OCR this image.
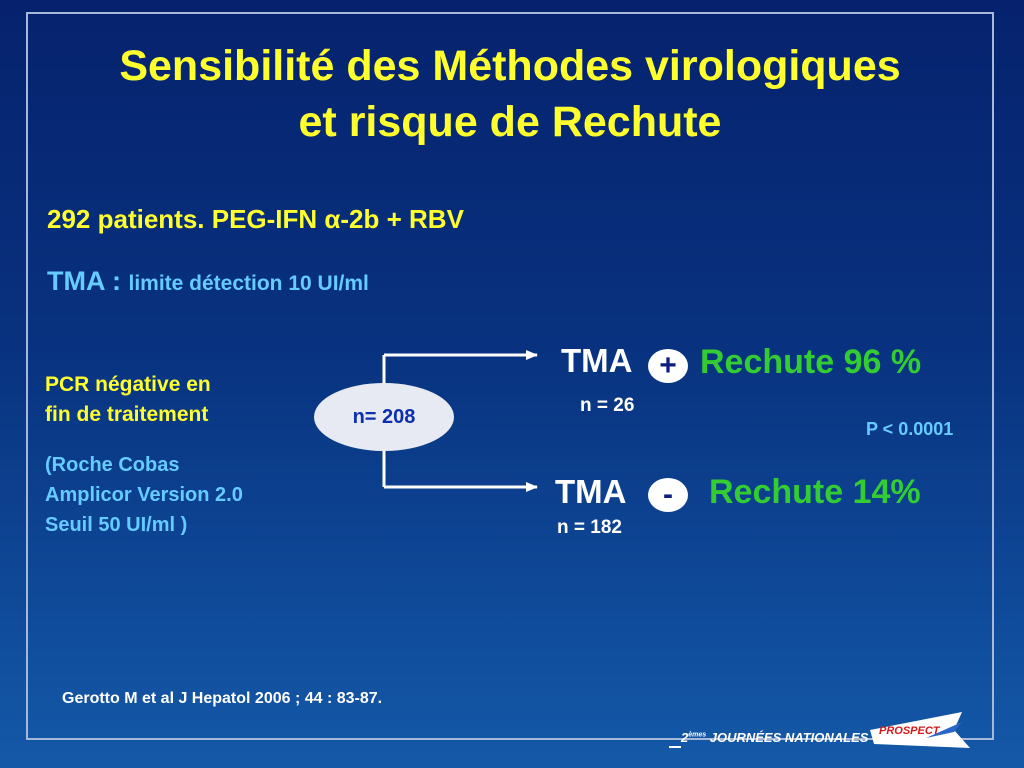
Sensibilité des Méthodes virologiques
et risque de Rechute
292 patients. PEG-IFN α-2b + RBV
TMA : limite détection 10 UI/ml
PCR négative en
fin de traitement
(Roche Cobas
Amplicor Version 2.0
Seuil 50 UI/ml )
n= 208
TMA + Rechute 96 %
n = 26
P < 0.0001
TMA	-	Rechute 14%
n = 182
Gerotto M et al J Hepatol 2006 ; 44 : 83-87.
2èmes JOURNÉES NATIONALES PROSPECT
